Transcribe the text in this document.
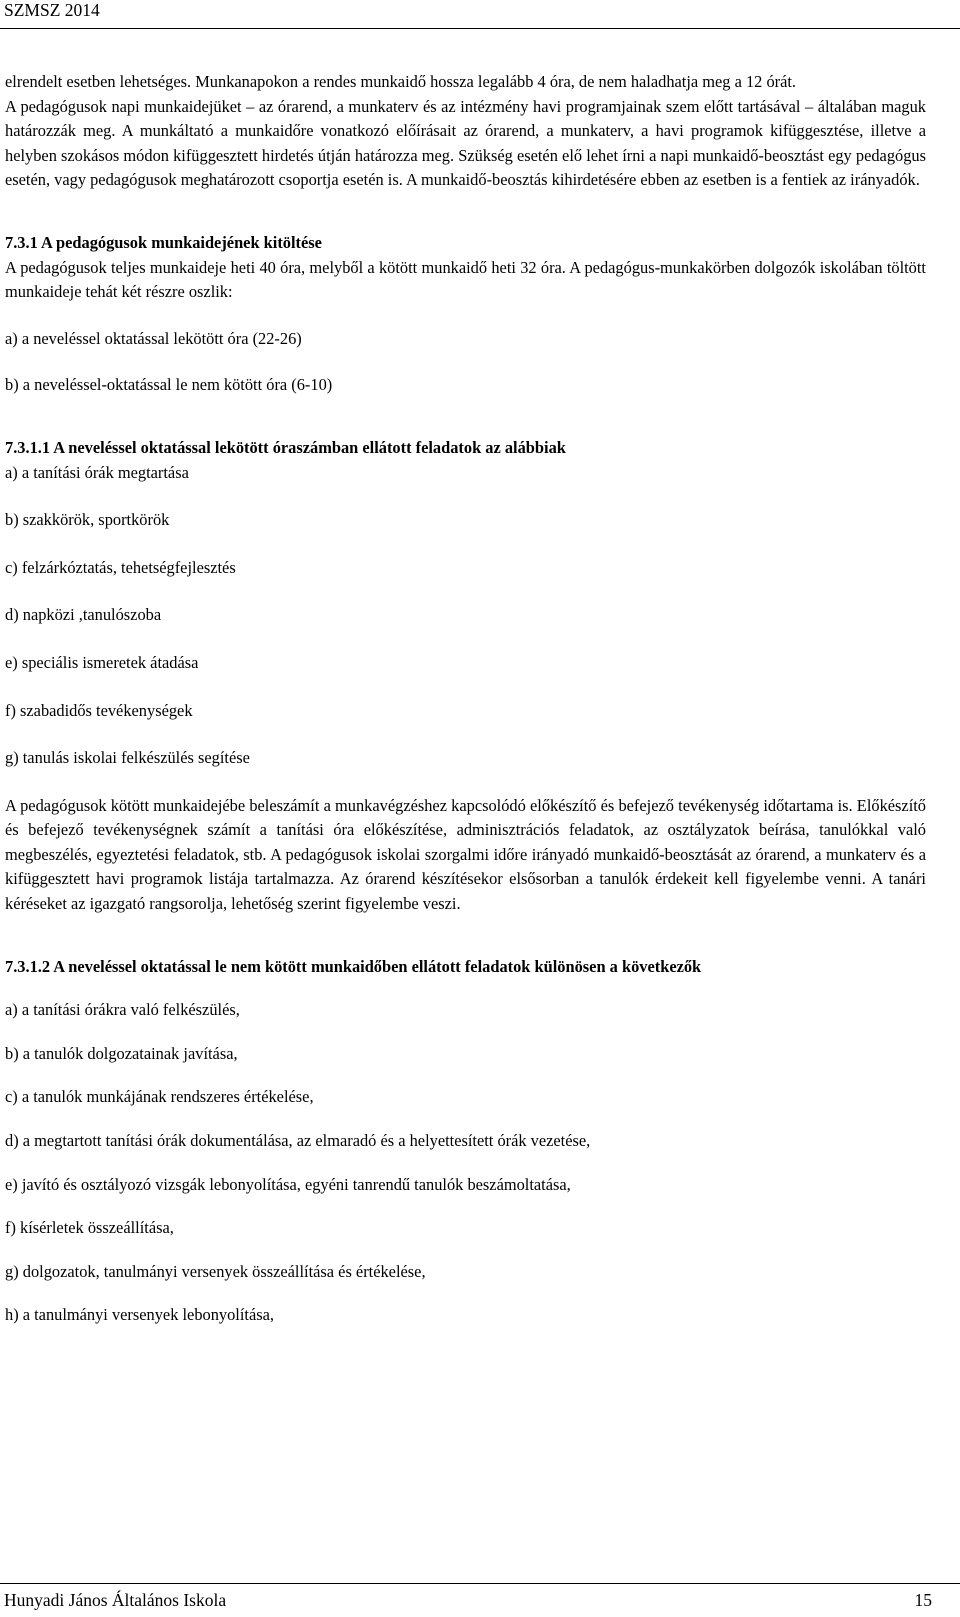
SZMSZ 2014

elrendelt esetben lehetséges. Munkanapokon a rendes munkaidő hossza legalább 4 óra, de nem haladhatja meg a 12 órát.

A pedagógusok napi munkaidejüket – az órarend, a munkaterv és az intézmény havi programjainak szem előtt tartásával – általában maguk határozzák meg. A munkáltató a munkaidőre vonatkozó előírásait az órarend, a munkaterv, a havi programok kifüggesztése, illetve a helyben szokásos módon kifüggesztett hirdetés útján határozza meg. Szükség esetén elő lehet írni a napi munkaidő-beosztást egy pedagógus esetén, vagy pedagógusok meghatározott csoportja esetén is. A munkaidő-beosztás kihirdetésére ebben az esetben is a fentiek az irányadók.

7.3.1 A pedagógusok munkaidejének kitöltése

A pedagógusok teljes munkaideje heti 40 óra, melyből a kötött munkaidő heti 32 óra. A pedagógus-munkakörben dolgozók iskolában töltött munkaideje tehát két részre oszlik:

a) a neveléssel oktatással lekötött óra (22-26)

b) a neveléssel-oktatással le nem kötött óra (6-10)

7.3.1.1 A neveléssel oktatással lekötött óraszámban ellátott feladatok az alábbiak

a) a tanítási órák megtartása

b) szakkörök, sportkörök

c) felzárkóztatás, tehetségfejlesztés

d) napközi ,tanulószoba

e) speciális ismeretek átadása

f) szabadidős tevékenységek

g) tanulás iskolai felkészülés segítése

A pedagógusok kötött munkaidejébe beleszámít a munkavégzéshez kapcsolódó előkészítő és befejező tevékenység időtartama is. Előkészítő és befejező tevékenységnek számít a tanítási óra előkészítése, adminisztrációs feladatok, az osztályzatok beírása, tanulókkal való megbeszélés, egyeztetési feladatok, stb. A pedagógusok iskolai szorgalmi időre irányadó munkaidő-beosztását az órarend, a munkaterv és a kifüggesztett havi programok listája tartalmazza. Az órarend készítésekor elsősorban a tanulók érdekeit kell figyelembe venni. A tanári kéréseket az igazgató rangsorolja, lehetőség szerint figyelembe veszi.

7.3.1.2 A neveléssel oktatással le nem kötött munkaidőben ellátott feladatok különösen a következők

a) a tanítási órákra való felkészülés,

b) a tanulók dolgozatainak javítása,

c) a tanulók munkájának rendszeres értékelése,

d) a megtartott tanítási órák dokumentálása, az elmaradó és a helyettesített órák vezetése,

e) javító és osztályozó vizsgák lebonyolítása, egyéni tanrendű tanulók beszámoltatása,

f) kísérletek összeállítása,

g) dolgozatok, tanulmányi versenyek összeállítása és értékelése,

h) a tanulmányi versenyek lebonyolítása,

Hunyadi János Általános Iskola	15
